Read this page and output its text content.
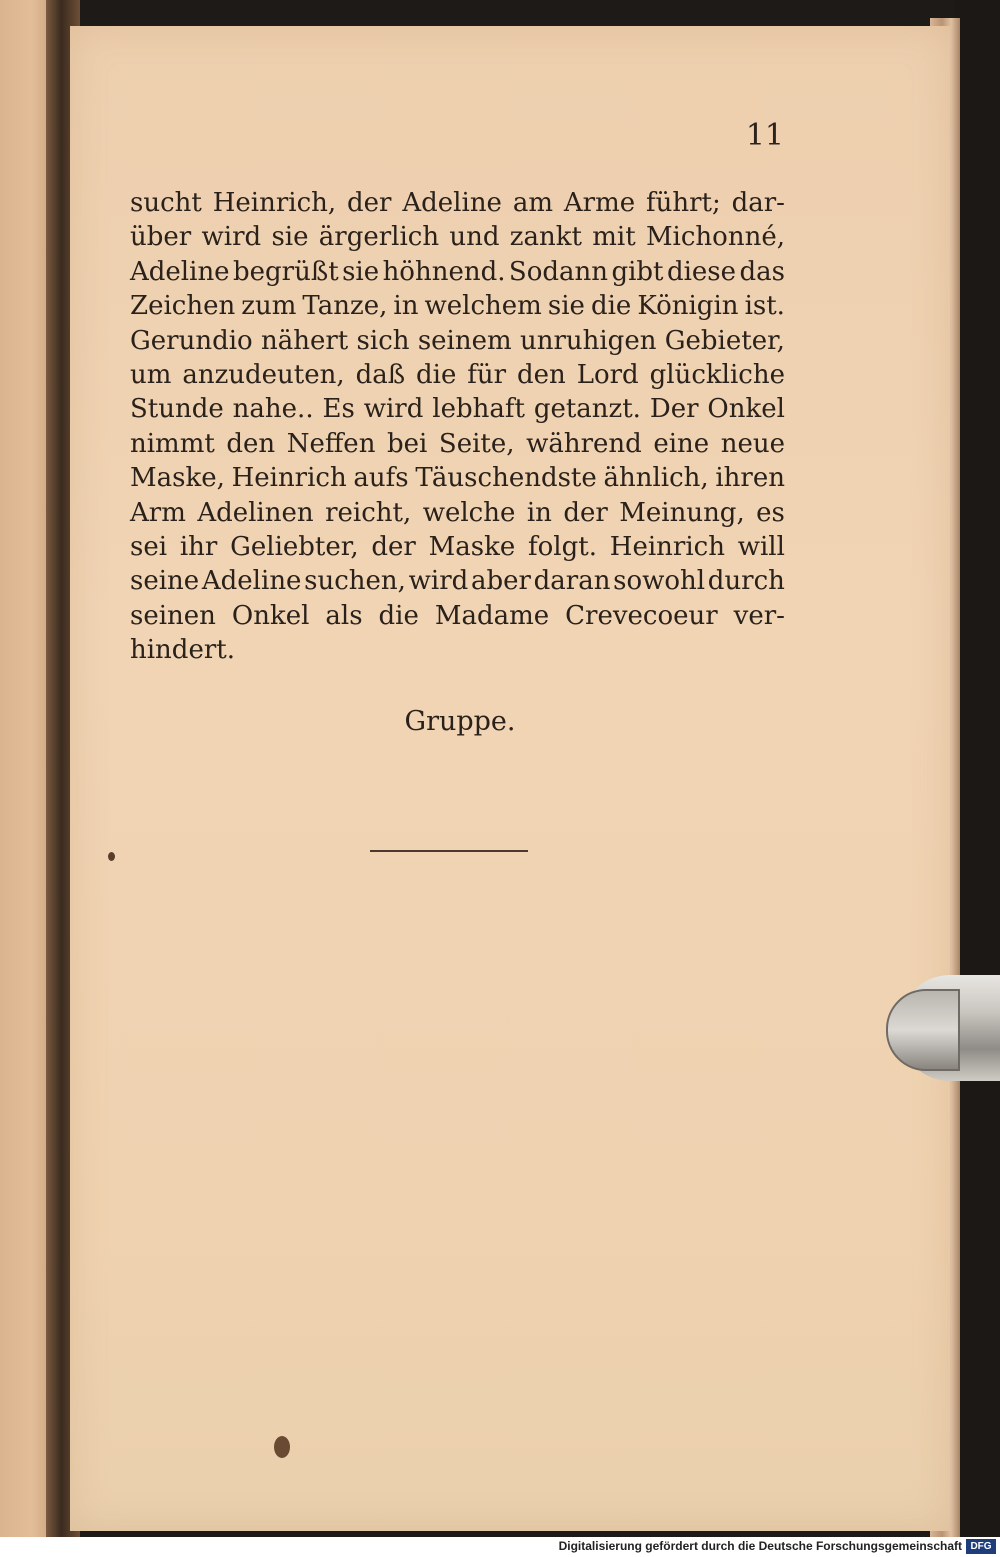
11

sucht Heinrich, der Adeline am Arme führt; dar-
über wird sie ärgerlich und zankt mit Michonné,
Adeline begrüßt sie höhnend. Sodann gibt diese das
Zeichen zum Tanze, in welchem sie die Königin ist.
Gerundio nähert sich seinem unruhigen Gebieter,
um anzudeuten, daß die für den Lord glückliche
Stunde nahe.. Es wird lebhaft getanzt. Der Onkel
nimmt den Neffen bei Seite, während eine neue
Maske, Heinrich aufs Täuschendste ähnlich, ihren
Arm Adelinen reicht, welche in der Meinung, es
sei ihr Geliebter, der Maske folgt. Heinrich will
seine Adeline suchen, wird aber daran sowohl durch
seinen Onkel als die Madame Crevecoeur ver-
hindert.

Gruppe.

Digitalisierung gefördert durch die Deutsche Forschungsgemeinschaft DFG
